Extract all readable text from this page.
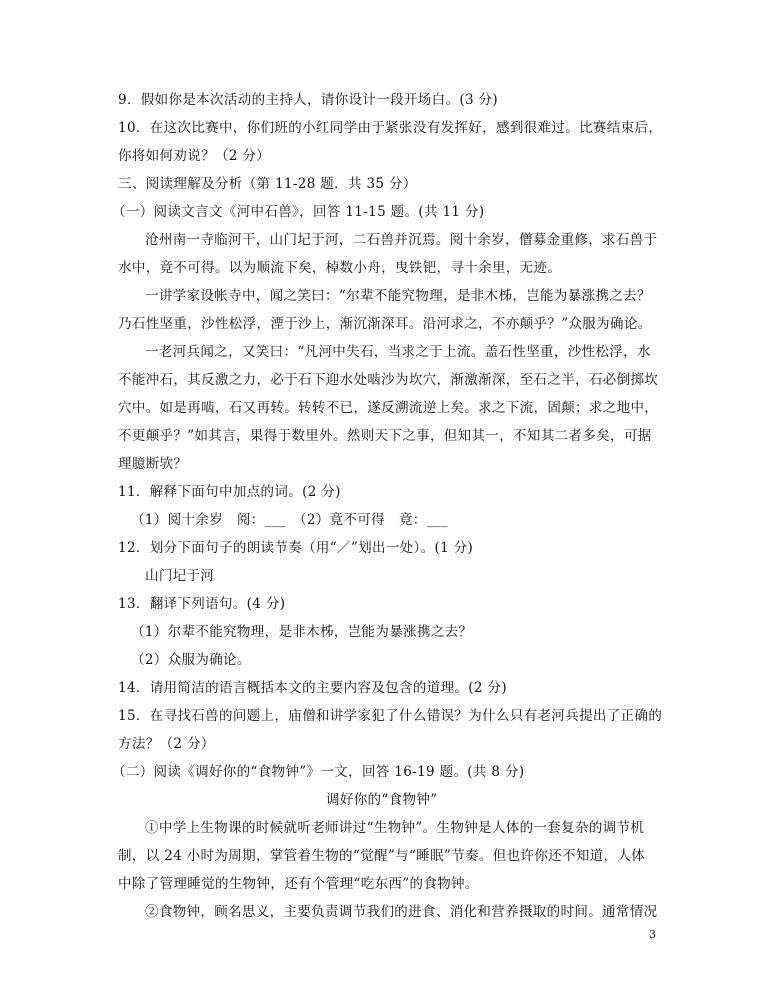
9．假如你是本次活动的主持人，请你设计一段开场白。(3 分)
10．在这次比赛中，你们班的小红同学由于紧张没有发挥好，感到很难过。比赛结束后，
你将如何劝说？（2 分）
三、阅读理解及分析（第 11-28 题．共 35 分）
（一）阅读文言文《河中石兽》，回答 11-15 题。(共 11 分)
沧州南一寺临河干，山门圮于河，二石兽并沉焉。阅十余岁，僧募金重修，求石兽于
水中，竟不可得。以为顺流下矣，棹数小舟，曳铁钯，寻十余里，无迹。
一讲学家设帐寺中，闻之笑曰：“尔辈不能究物理，是非木柹，岂能为暴涨携之去？
乃石性坚重，沙性松浮，湮于沙上，渐沉渐深耳。沿河求之，不亦颠乎？”众服为确论。
一老河兵闻之，又笑曰：“凡河中失石，当求之于上流。盖石性坚重，沙性松浮，水
不能冲石，其反激之力，必于石下迎水处啮沙为坎穴，渐激渐深，至石之半，石必倒掷坎
穴中。如是再啮，石又再转。转转不已，遂反溯流逆上矣。求之下流，固颠；求之地中，
不更颠乎？”如其言，果得于数里外。然则天下之事，但知其一，不知其二者多矣，可据
理臆断欤？
11．解释下面句中加点的词。(2 分)
（1）阅十余岁　阅：___　（2）竟不可得　竟：___
12．划分下面句子的朗读节奏（用“／”划出一处）。(1 分)
山门圮于河
13．翻译下列语句。(4 分)
（1）尔辈不能究物理，是非木柹，岂能为暴涨携之去？
（2）众服为确论。
14．请用简洁的语言概括本文的主要内容及包含的道理。(2 分)
15．在寻找石兽的问题上，庙僧和讲学家犯了什么错误？为什么只有老河兵提出了正确的
方法？（2 分）
（二）阅读《调好你的“食物钟”》一文，回答 16-19 题。(共 8 分)
调好你的“食物钟”
①中学上生物课的时候就听老师讲过“生物钟”。生物钟是人体的一套复杂的调节机
制，以 24 小时为周期，掌管着生物的“觉醒”与“睡眠”节奏。但也许你还不知道，人体
中除了管理睡觉的生物钟，还有个管理“吃东西”的食物钟。
②食物钟，顾名思义，主要负责调节我们的进食、消化和营养摄取的时间。通常情况
3
